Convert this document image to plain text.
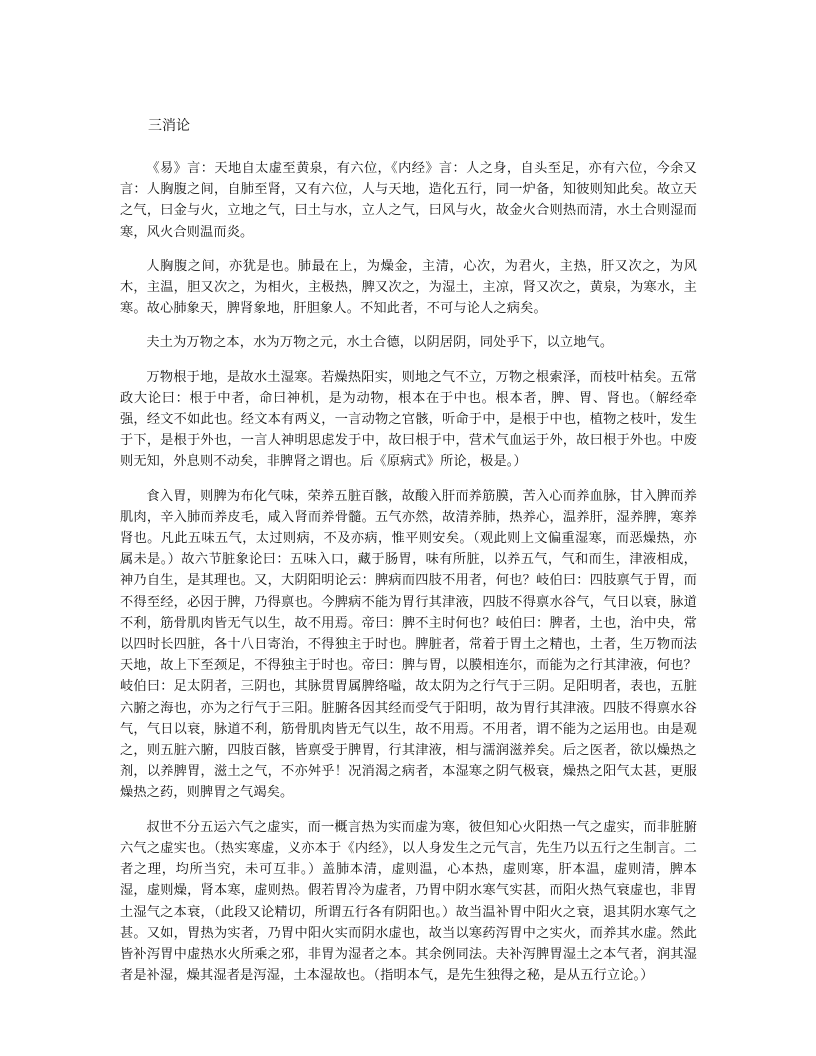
三消论

《易》言：天地自太虚至黄泉，有六位，《内经》言：人之身，自头至足，亦有六位，今余又言：人胸腹之间，自肺至肾，又有六位，人与天地，造化五行，同一炉备，知彼则知此矣。故立天之气，曰金与火，立地之气，曰土与水，立人之气，曰风与火，故金火合则热而清，水土合则湿而寒，风火合则温而炎。

人胸腹之间，亦犹是也。肺最在上，为燥金，主清，心次，为君火，主热，肝又次之，为风木，主温，胆又次之，为相火，主极热，脾又次之，为湿土，主凉，肾又次之，黄泉，为寒水，主寒。故心肺象天，脾肾象地，肝胆象人。不知此者，不可与论人之病矣。

夫土为万物之本，水为万物之元，水土合德，以阴居阴，同处乎下，以立地气。

万物根于地，是故水土湿寒。若燥热阳实，则地之气不立，万物之根索泽，而枝叶枯矣。五常政大论曰：根于中者，命曰神机，是为动物，根本在于中也。根本者，脾、胃、肾也。（解经牵强，经文不如此也。经文本有两义，一言动物之官骸，听命于中，是根于中也，植物之枝叶，发生于下，是根于外也，一言人神明思虑发于中，故曰根于中，营术气血运于外，故曰根于外也。中废则无知，外息则不动矣，非脾肾之谓也。后《原病式》所论，极是。）

食入胃，则脾为布化气味，荣养五脏百骸，故酸入肝而养筋膜，苦入心而养血脉，甘入脾而养肌肉，辛入肺而养皮毛，咸入肾而养骨髓。五气亦然，故清养肺，热养心，温养肝，湿养脾，寒养肾也。凡此五味五气，太过则病，不及亦病，惟平则安矣。（观此则上文偏重湿寒，而恶燥热，亦属未是。）故六节脏象论曰：五味入口，藏于肠胃，味有所脏，以养五气，气和而生，津液相成，神乃自生，是其理也。又，大阴阳明论云：脾病而四肢不用者，何也？岐伯曰：四肢禀气于胃，而不得至经，必因于脾，乃得禀也。今脾病不能为胃行其津液，四肢不得禀水谷气，气日以衰，脉道不利，筋骨肌肉皆无气以生，故不用焉。帝曰：脾不主时何也？岐伯曰：脾者，土也，治中央，常以四时长四脏，各十八日寄治，不得独主于时也。脾脏者，常着于胃土之精也，土者，生万物而法天地，故上下至颈足，不得独主于时也。帝曰：脾与胃，以膜相连尔，而能为之行其津液，何也？岐伯曰：足太阴者，三阴也，其脉贯胃属脾络嗌，故太阴为之行气于三阴。足阳明者，表也，五脏六腑之海也，亦为之行气于三阳。脏腑各因其经而受气于阳明，故为胃行其津液。四肢不得禀水谷气，气日以衰，脉道不利，筋骨肌肉皆无气以生，故不用焉。不用者，谓不能为之运用也。由是观之，则五脏六腑，四肢百骸，皆禀受于脾胃，行其津液，相与濡润滋养矣。后之医者，欲以燥热之剂，以养脾胃，滋土之气，不亦舛乎！况消渴之病者，本湿寒之阴气极衰，燥热之阳气太甚，更服燥热之药，则脾胃之气竭矣。

叔世不分五运六气之虚实，而一概言热为实而虚为寒，彼但知心火阳热一气之虚实，而非脏腑六气之虚实也。（热实寒虚，义亦本于《内经》，以人身发生之元气言，先生乃以五行之生制言。二者之理，均所当究，未可互非。）盖肺本清，虚则温，心本热，虚则寒，肝本温，虚则清，脾本湿，虚则燥，肾本寒，虚则热。假若胃冷为虚者，乃胃中阴水寒气实甚，而阳火热气衰虚也，非胃土湿气之本衰，（此段又论精切，所谓五行各有阴阳也。）故当温补胃中阳火之衰，退其阴水寒气之甚。又如，胃热为实者，乃胃中阳火实而阴水虚也，故当以寒药泻胃中之实火，而养其水虚。然此皆补泻胃中虚热水火所乘之邪，非胃为湿者之本。其余例同法。夫补泻脾胃湿土之本气者，润其湿者是补湿，燥其湿者是泻湿，土本湿故也。（指明本气，是先生独得之秘，是从五行立论。）
